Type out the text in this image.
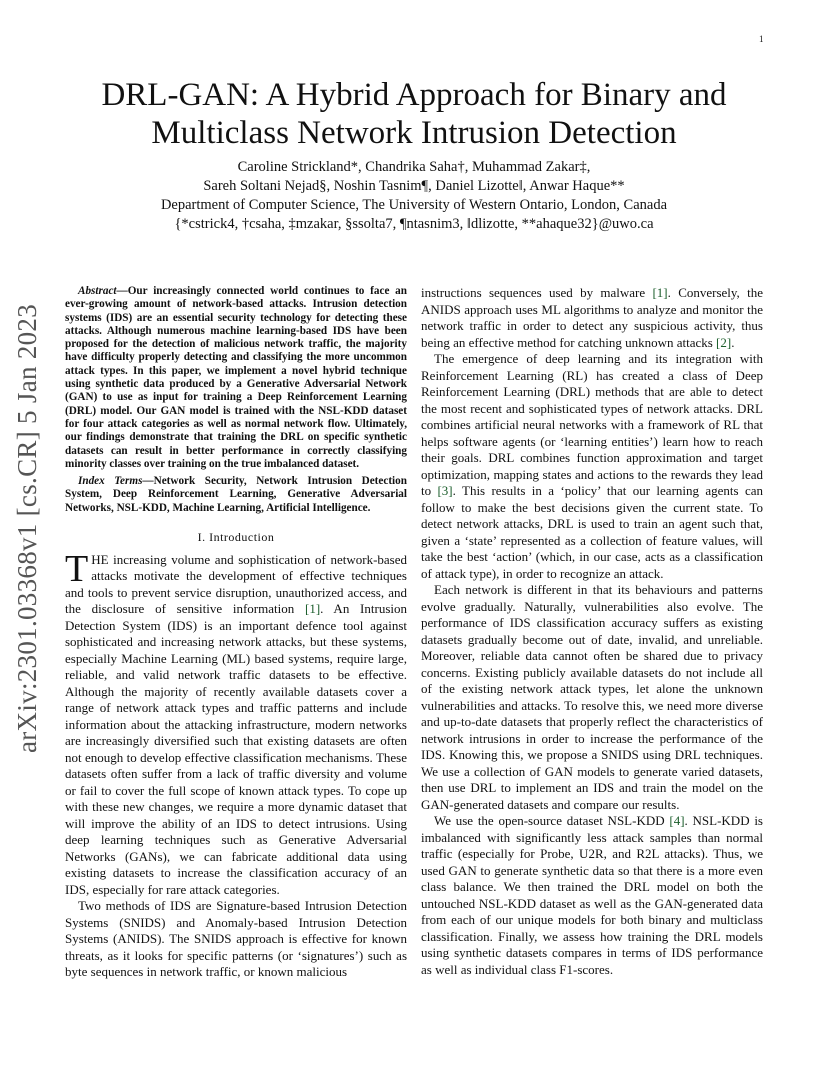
1
arXiv:2301.03368v1 [cs.CR] 5 Jan 2023
DRL-GAN: A Hybrid Approach for Binary and
Multiclass Network Intrusion Detection
Caroline Strickland*, Chandrika Saha†, Muhammad Zakar‡,
Sareh Soltani Nejad§, Noshin Tasnim¶, Daniel Lizotte‖, Anwar Haque**
Department of Computer Science, The University of Western Ontario, London, Canada
{*cstrick4, †csaha, ‡mzakar, §ssolta7, ¶ntasnim3, ‖dlizotte, **ahaque32}@uwo.ca

Abstract—Our increasingly connected world continues to face an ever-growing amount of network-based attacks. Intrusion detection systems (IDS) are an essential security technology for detecting these attacks. Although numerous machine learning-based IDS have been proposed for the detection of malicious network traffic, the majority have difficulty properly detecting and classifying the more uncommon attack types. In this paper, we implement a novel hybrid technique using synthetic data produced by a Generative Adversarial Network (GAN) to use as input for training a Deep Reinforcement Learning (DRL) model. Our GAN model is trained with the NSL-KDD dataset for four attack categories as well as normal network flow. Ultimately, our findings demonstrate that training the DRL on specific synthetic datasets can result in better performance in correctly classifying minority classes over training on the true imbalanced dataset.

Index Terms—Network Security, Network Intrusion Detection System, Deep Reinforcement Learning, Generative Adversarial Networks, NSL-KDD, Machine Learning, Artificial Intelligence.

I. Introduction

THE increasing volume and sophistication of network-based attacks motivate the development of effective techniques and tools to prevent service disruption, unauthorized access, and the disclosure of sensitive information [1]. An Intrusion Detection System (IDS) is an important defence tool against sophisticated and increasing network attacks, but these systems, especially Machine Learning (ML) based systems, require large, reliable, and valid network traffic datasets to be effective. Although the majority of recently available datasets cover a range of network attack types and traffic patterns and include information about the attacking infrastructure, modern networks are increasingly diversified such that existing datasets are often not enough to develop effective classification mechanisms. These datasets often suffer from a lack of traffic diversity and volume or fail to cover the full scope of known attack types. To cope up with these new changes, we require a more dynamic dataset that will improve the ability of an IDS to detect intrusions. Using deep learning techniques such as Generative Adversarial Networks (GANs), we can fabricate additional data using existing datasets to increase the classification accuracy of an IDS, especially for rare attack categories.

Two methods of IDS are Signature-based Intrusion Detection Systems (SNIDS) and Anomaly-based Intrusion Detection Systems (ANIDS). The SNIDS approach is effective for known threats, as it looks for specific patterns (or ‘signatures’) such as byte sequences in network traffic, or known malicious

instructions sequences used by malware [1]. Conversely, the ANIDS approach uses ML algorithms to analyze and monitor the network traffic in order to detect any suspicious activity, thus being an effective method for catching unknown attacks [2].

The emergence of deep learning and its integration with Reinforcement Learning (RL) has created a class of Deep Reinforcement Learning (DRL) methods that are able to detect the most recent and sophisticated types of network attacks. DRL combines artificial neural networks with a framework of RL that helps software agents (or ‘learning entities’) learn how to reach their goals. DRL combines function approximation and target optimization, mapping states and actions to the rewards they lead to [3]. This results in a ‘policy’ that our learning agents can follow to make the best decisions given the current state. To detect network attacks, DRL is used to train an agent such that, given a ‘state’ represented as a collection of feature values, will take the best ‘action’ (which, in our case, acts as a classification of attack type), in order to recognize an attack.

Each network is different in that its behaviours and patterns evolve gradually. Naturally, vulnerabilities also evolve. The performance of IDS classification accuracy suffers as existing datasets gradually become out of date, invalid, and unreliable. Moreover, reliable data cannot often be shared due to privacy concerns. Existing publicly available datasets do not include all of the existing network attack types, let alone the unknown vulnerabilities and attacks. To resolve this, we need more diverse and up-to-date datasets that properly reflect the characteristics of network intrusions in order to increase the performance of the IDS. Knowing this, we propose a SNIDS using DRL techniques. We use a collection of GAN models to generate varied datasets, then use DRL to implement an IDS and train the model on the GAN-generated datasets and compare our results.

We use the open-source dataset NSL-KDD [4]. NSL-KDD is imbalanced with significantly less attack samples than normal traffic (especially for Probe, U2R, and R2L attacks). Thus, we used GAN to generate synthetic data so that there is a more even class balance. We then trained the DRL model on both the untouched NSL-KDD dataset as well as the GAN-generated data from each of our unique models for both binary and multiclass classification. Finally, we assess how training the DRL models using synthetic datasets compares in terms of IDS performance as well as individual class F1-scores.
